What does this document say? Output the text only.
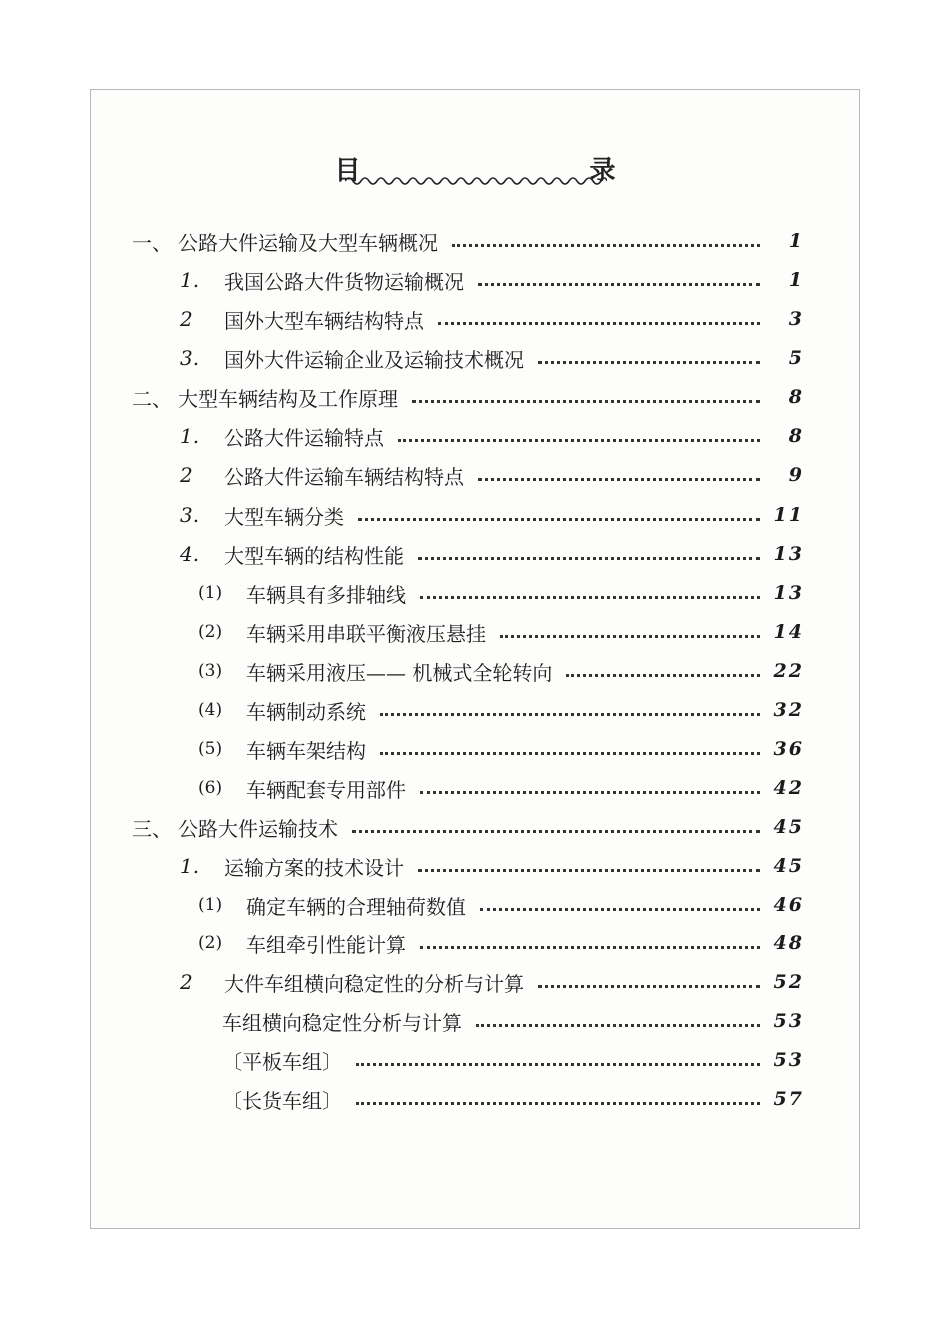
目 录
一、 公路大件运输及大型车辆概况	1
1.	我国公路大件货物运输概况	1
2	国外大型车辆结构特点	3
3.	国外大件运输企业及运输技术概况	5
二、 大型车辆结构及工作原理	8
1.	公路大件运输特点	8
2	公路大件运输车辆结构特点	9
3.	大型车辆分类	11
4.	大型车辆的结构性能	13
(1)	车辆具有多排轴线	13
(2)	车辆采用串联平衡液压悬挂	14
(3)	车辆采用液压—— 机械式全轮转向	22
(4)	车辆制动系统	32
(5)	车辆车架结构	36
(6)	车辆配套专用部件	42
三、 公路大件运输技术	45
1.	运输方案的技术设计	45
(1)	确定车辆的合理轴荷数值	46
(2)	车组牵引性能计算	48
2	大件车组横向稳定性的分析与计算	52
车组横向稳定性分析与计算	53
〔平板车组〕	53
〔长货车组〕	57
